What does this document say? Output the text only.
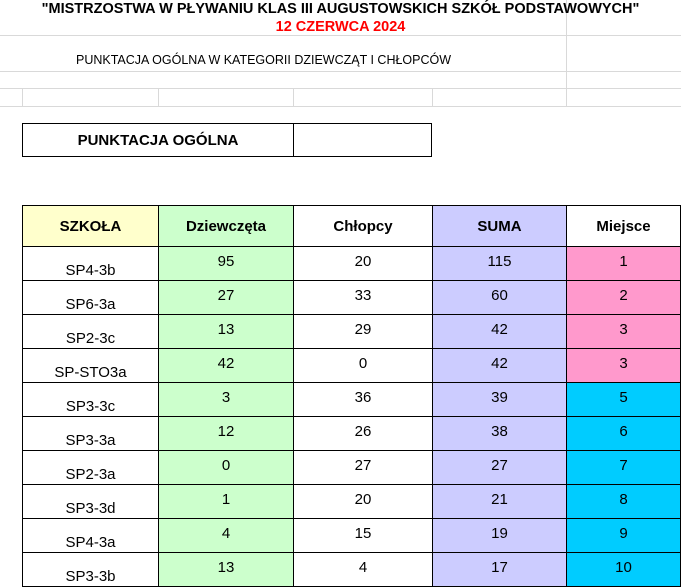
"MISTRZOSTWA W PŁYWANIU KLAS III AUGUSTOWSKICH SZKÓŁ PODSTAWOWYCH"
12 CZERWCA 2024
PUNKTACJA OGÓLNA W KATEGORII DZIEWCZĄT I CHŁOPCÓW
PUNKTACJA OGÓLNA
SZKOŁA	Dziewczęta	Chłopcy	SUMA	Miejsce
SP4-3b	95	20	115	1
SP6-3a	27	33	60	2
SP2-3c	13	29	42	3
SP-STO3a	42	0	42	3
SP3-3c	3	36	39	5
SP3-3a	12	26	38	6
SP2-3a	0	27	27	7
SP3-3d	1	20	21	8
SP4-3a	4	15	19	9
SP3-3b	13	4	17	10
